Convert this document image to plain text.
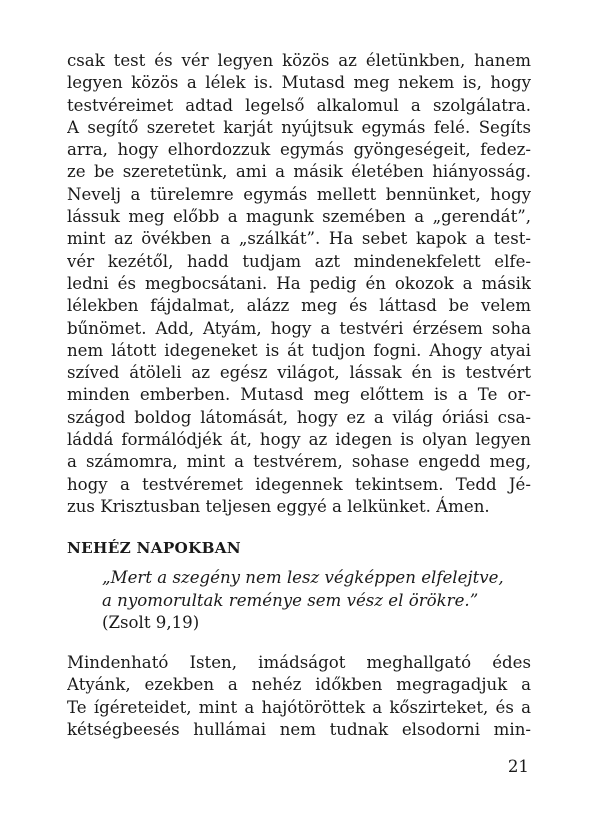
csak test és vér legyen közös az életünkben, hanem
legyen közös a lélek is. Mutasd meg nekem is, hogy
testvéreimet adtad legelső alkalomul a szolgálatra.
A segítő szeretet karját nyújtsuk egymás felé. Segíts
arra, hogy elhordozzuk egymás gyöngeségeit, fedez-
ze be szeretetünk, ami a másik életében hiányosság.
Nevelj a türelemre egymás mellett bennünket, hogy
lássuk meg előbb a magunk szemében a „gerendát”,
mint az övékben a „szálkát”. Ha sebet kapok a test-
vér kezétől, hadd tudjam azt mindenekfelett elfe-
ledni és megbocsátani. Ha pedig én okozok a másik
lélekben fájdalmat, alázz meg és láttasd be velem
bűnömet. Add, Atyám, hogy a testvéri érzésem soha
nem látott idegeneket is át tudjon fogni. Ahogy atyai
szíved átöleli az egész világot, lássak én is testvért
minden emberben. Mutasd meg előttem is a Te or-
szágod boldog látomását, hogy ez a világ óriási csa-
láddá formálódjék át, hogy az idegen is olyan legyen
a számomra, mint a testvérem, sohase engedd meg,
hogy a testvéremet idegennek tekintsem. Tedd Jé-
zus Krisztusban teljesen eggyé a lelkünket. Ámen.

NEHÉZ NAPOKBAN
„Mert a szegény nem lesz végképpen elfelejtve,
a nyomorultak reménye sem vész el örökre.”
(Zsolt 9,19)

Mindenható Isten, imádságot meghallgató édes
Atyánk, ezekben a nehéz időkben megragadjuk a
Te ígéreteidet, mint a hajótöröttek a kőszirteket, és a
kétségbeesés hullámai nem tudnak elsodorni min-

21
